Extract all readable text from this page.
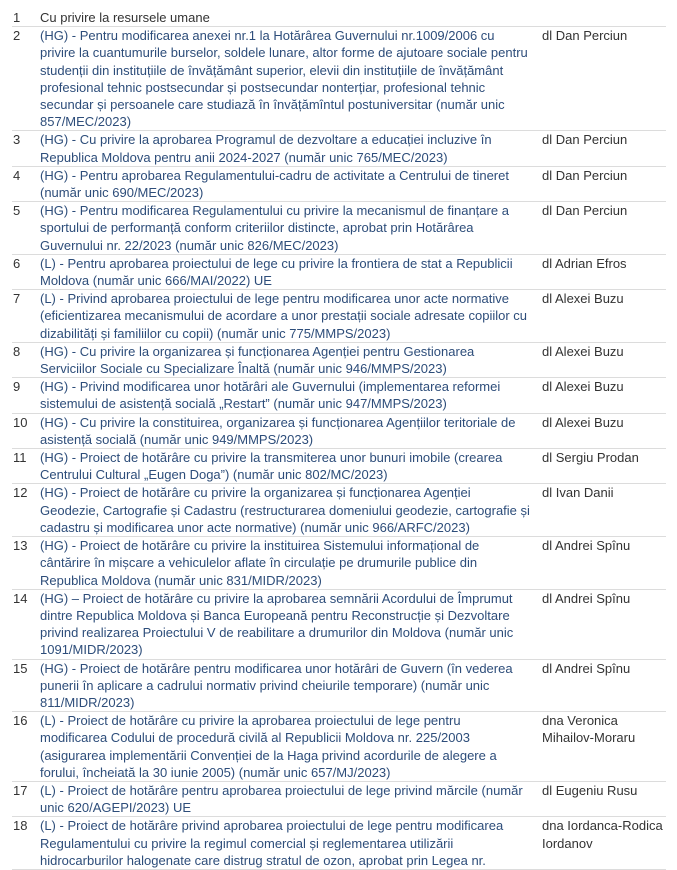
1	Cu privire la resursele umane	
2	(HG) - Pentru modificarea anexei nr.1 la Hotărârea Guvernului nr.1009/2006 cu privire la cuantumurile burselor, soldele lunare, altor forme de ajutoare sociale pentru studenții din instituțiile de învățământ superior, elevii din instituțiile de învățământ profesional tehnic postsecundar și postsecundar nonterțiar, profesional tehnic secundar și persoanele care studiază în învățămîntul postuniversitar (număr unic 857/MEC/2023)	dl Dan Perciun
3	(HG) - Cu privire la aprobarea Programul de dezvoltare a educației incluzive în Republica Moldova pentru anii 2024-2027 (număr unic 765/MEC/2023)	dl Dan Perciun
4	(HG) - Pentru aprobarea Regulamentului-cadru de activitate a Centrului de tineret (număr unic 690/MEC/2023)	dl Dan Perciun
5	(HG) - Pentru modificarea Regulamentului cu privire la mecanismul de finanțare a sportului de performanță conform criteriilor distincte, aprobat prin Hotărârea Guvernului nr. 22/2023 (număr unic 826/MEC/2023)	dl Dan Perciun
6	(L) - Pentru aprobarea proiectului de lege cu privire la frontiera de stat a Republicii Moldova (număr unic 666/MAI/2022) UE	dl Adrian Efros
7	(L) - Privind aprobarea proiectului de lege pentru modificarea unor acte normative (eficientizarea mecanismului de acordare a unor prestații sociale adresate copiilor cu dizabilități și familiilor cu copii) (număr unic 775/MMPS/2023)	dl Alexei Buzu
8	(HG) - Cu privire la organizarea și funcționarea Agenției pentru Gestionarea Serviciilor Sociale cu Specializare Înaltă (număr unic 946/MMPS/2023)	dl Alexei Buzu
9	(HG) - Privind modificarea unor hotărâri ale Guvernului (implementarea reformei sistemului de asistență socială „Restart” (număr unic 947/MMPS/2023)	dl Alexei Buzu
10	(HG) - Cu privire la constituirea, organizarea și funcționarea Agențiilor teritoriale de asistență socială (număr unic 949/MMPS/2023)	dl Alexei Buzu
11	(HG) - Proiect de hotărâre cu privire la transmiterea unor bunuri imobile (crearea Centrului Cultural „Eugen Doga”) (număr unic 802/MC/2023)	dl Sergiu Prodan
12	(HG) - Proiect de hotărâre cu privire la organizarea și funcționarea Agenției Geodezie, Cartografie și Cadastru (restructurarea domeniului geodezie, cartografie și cadastru și modificarea unor acte normative) (număr unic 966/ARFC/2023)	dl Ivan Danii
13	(HG) - Proiect de hotărâre cu privire la instituirea Sistemului informațional de cântărire în mișcare a vehiculelor aflate în circulație pe drumurile publice din Republica Moldova (număr unic 831/MIDR/2023)	dl Andrei Spînu
14	(HG) – Proiect de hotărâre cu privire la aprobarea semnării Acordului de Împrumut dintre Republica Moldova și Banca Europeană pentru Reconstrucție și Dezvoltare privind realizarea Proiectului V de reabilitare a drumurilor din Moldova (număr unic 1091/MIDR/2023)	dl Andrei Spînu
15	(HG) - Proiect de hotărâre pentru modificarea unor hotărâri de Guvern (în vederea punerii în aplicare a cadrului normativ privind cheiurile temporare) (număr unic 811/MIDR/2023)	dl Andrei Spînu
16	(L) - Proiect de hotărâre cu privire la aprobarea proiectului de lege pentru modificarea Codului de procedură civilă al Republicii Moldova nr. 225/2003 (asigurarea implementării Convenției de la Haga privind acordurile de alegere a forului, încheiată la 30 iunie 2005) (număr unic 657/MJ/2023)	dna Veronica Mihailov-Moraru
17	(L) - Proiect de hotărâre pentru aprobarea proiectului de lege privind mărcile (număr unic 620/AGEPI/2023) UE	dl Eugeniu Rusu
18	(L) - Proiect de hotărâre privind aprobarea proiectului de lege pentru modificarea Regulamentului cu privire la regimul comercial și reglementarea utilizării hidrocarburilor halogenate care distrug stratul de ozon, aprobat prin Legea nr.	dna Iordanca-Rodica Iordanov
